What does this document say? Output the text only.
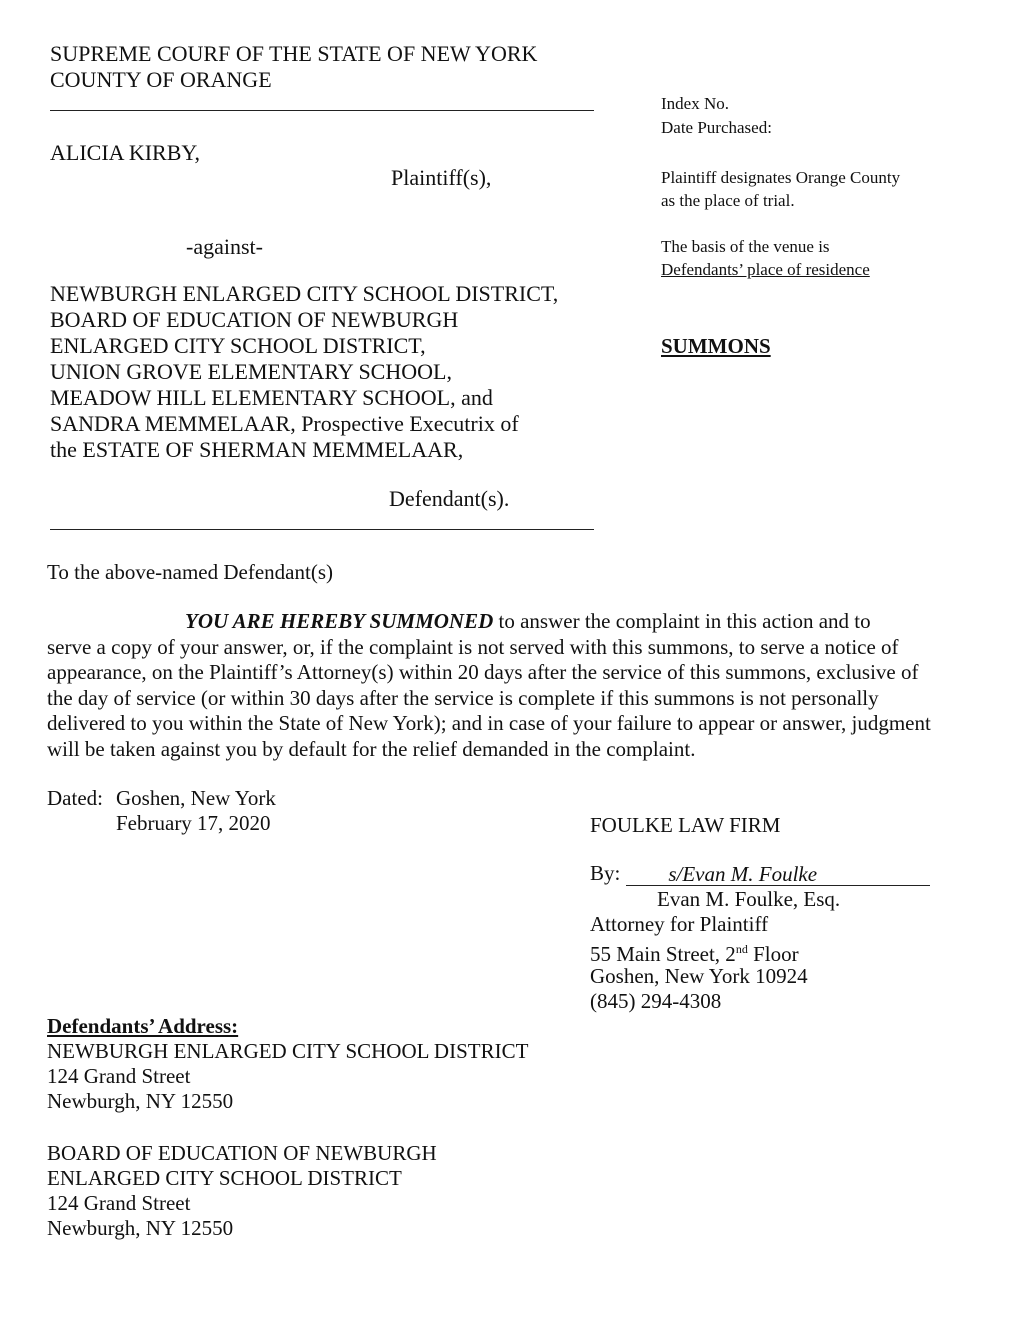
SUPREME COURF OF THE STATE OF NEW YORK
COUNTY OF ORANGE
Index No.
Date Purchased:
Plaintiff designates Orange County
as the place of trial.
The basis of the venue is
Defendants’ place of residence
SUMMONS
ALICIA KIRBY,
Plaintiff(s),
-against-
NEWBURGH ENLARGED CITY SCHOOL DISTRICT,
BOARD OF EDUCATION OF NEWBURGH
ENLARGED CITY SCHOOL DISTRICT,
UNION GROVE ELEMENTARY SCHOOL,
MEADOW HILL ELEMENTARY SCHOOL, and
SANDRA MEMMELAAR, Prospective Executrix of
the ESTATE OF SHERMAN MEMMELAAR,
Defendant(s).
To the above-named Defendant(s)
YOU ARE HEREBY SUMMONED to answer the complaint in this action and to
serve a copy of your answer, or, if the complaint is not served with this summons, to serve a notice of
appearance, on the Plaintiff’s Attorney(s) within 20 days after the service of this summons, exclusive of
the day of service (or within 30 days after the service is complete if this summons is not personally
delivered to you within the State of New York); and in case of your failure to appear or answer, judgment
will be taken against you by default for the relief demanded in the complaint.
Dated: Goshen, New York
February 17, 2020	FOULKE LAW FIRM
By: s/Evan M. Foulke
Evan M. Foulke, Esq.
Attorney for Plaintiff
55 Main Street, 2nd Floor
Goshen, New York 10924
(845) 294-4308
Defendants’ Address:
NEWBURGH ENLARGED CITY SCHOOL DISTRICT
124 Grand Street
Newburgh, NY 12550
BOARD OF EDUCATION OF NEWBURGH
ENLARGED CITY SCHOOL DISTRICT
124 Grand Street
Newburgh, NY 12550
